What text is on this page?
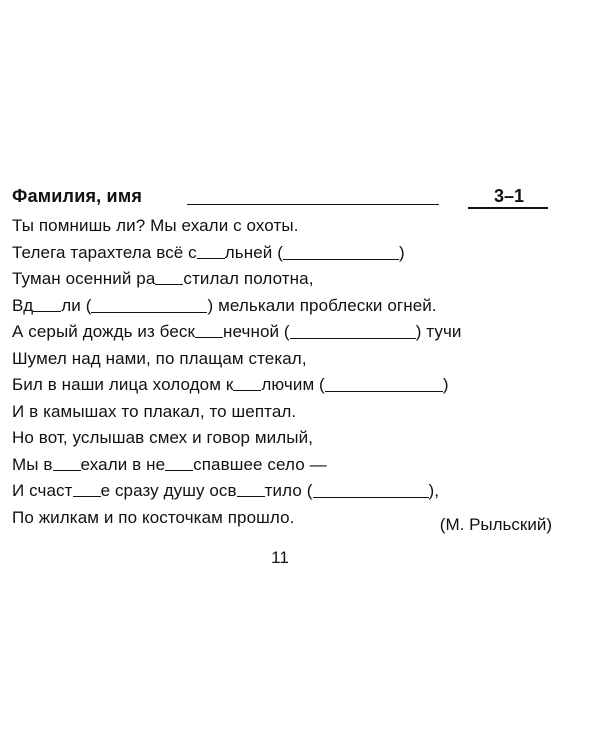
Фамилия, имя	3–1
Ты помнишь ли? Мы ехали с охоты.
Телега тарахтела всё с льней (	)
Туман осенний ра стилал полотна,
Вд ли (	) мелькали проблески огней.
А серый дождь из беск нечной (	) тучи
Шумел над нами, по плащам стекал,
Бил в наши лица холодом к лючим (	)
И в камышах то плакал, то шептал.
Но вот, услышав смех и говор милый,
Мы в ехали в не спавшее село —
И счаст е сразу душу осв тило (	),
По жилкам и по косточкам прошло.	(М. Рыльский)
11
